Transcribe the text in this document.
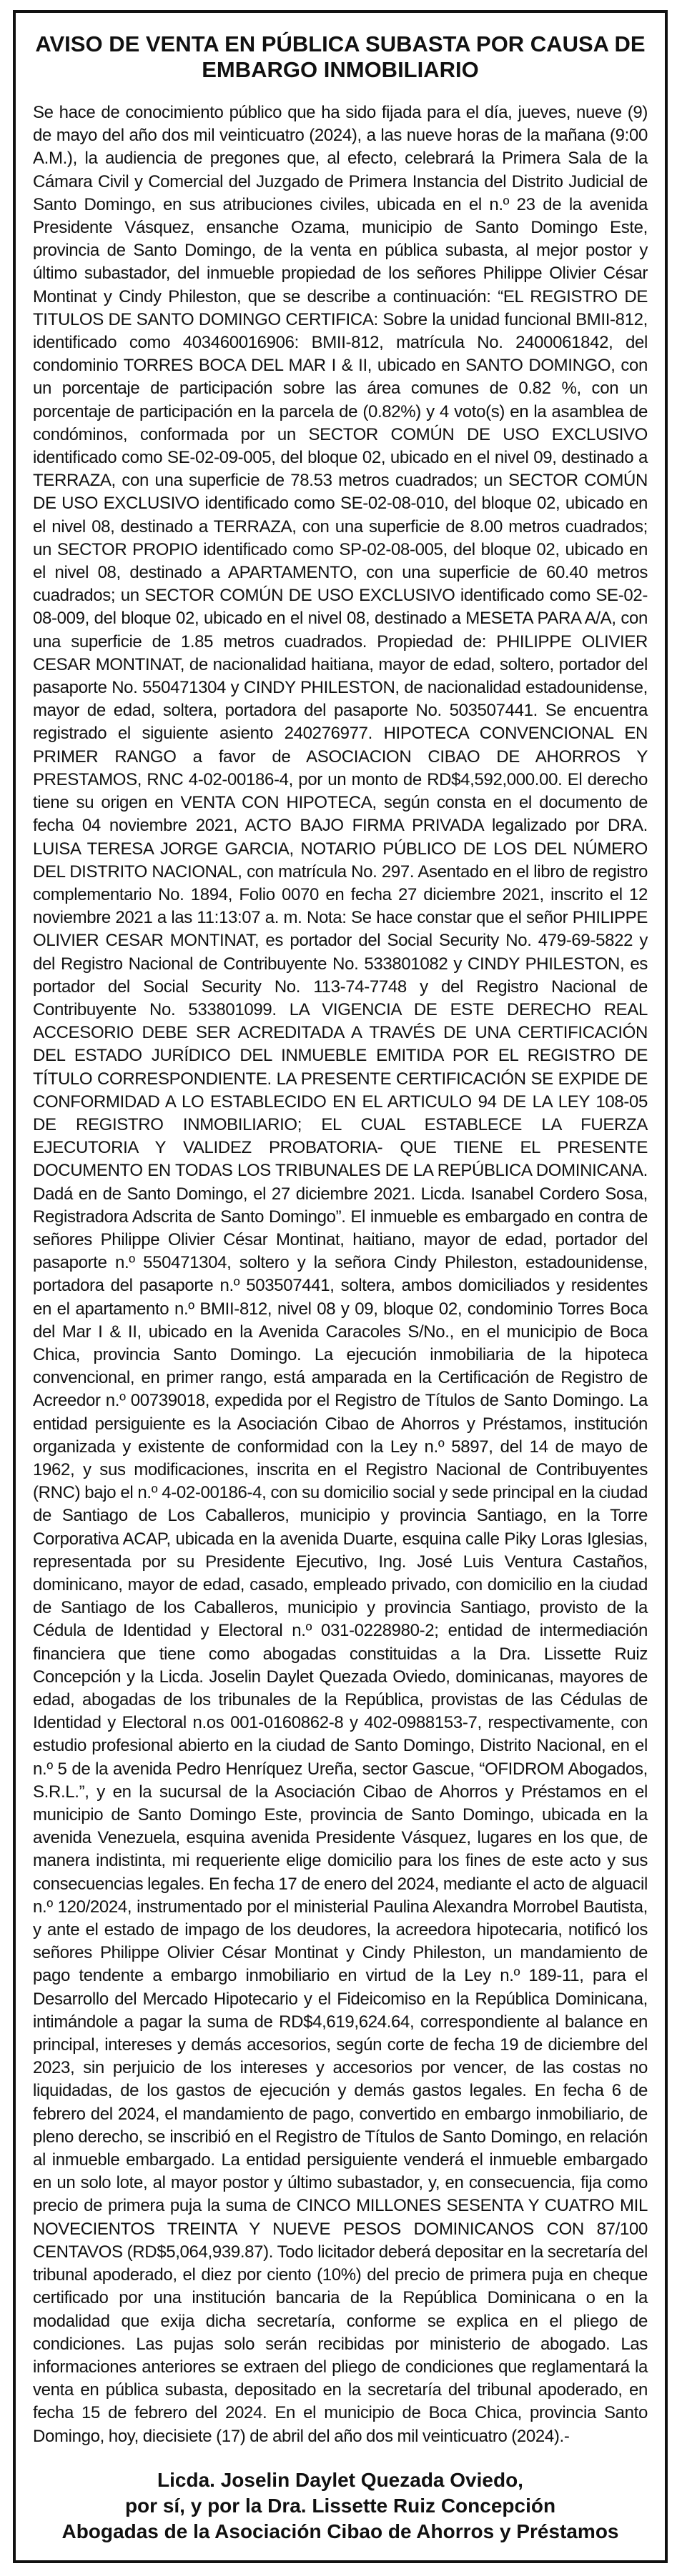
AVISO DE VENTA EN PÚBLICA SUBASTA POR CAUSA DE
EMBARGO INMOBILIARIO

Se hace de conocimiento público que ha sido fijada para el día, jueves, nueve (9) de mayo del año dos mil veinticuatro (2024), a las nueve horas de la mañana (9:00 A.M.), la audiencia de pregones que, al efecto, celebrará la Primera Sala de la Cámara Civil y Comercial del Juzgado de Primera Instancia del Distrito Judicial de Santo Domingo, en sus atribuciones civiles, ubicada en el n.º 23 de la avenida Presidente Vásquez, ensanche Ozama, municipio de Santo Domingo Este, provincia de Santo Domingo, de la venta en pública subasta, al mejor postor y último subastador, del inmueble propiedad de los señores Philippe Olivier César Montinat y Cindy Phileston, que se describe a continuación: “EL REGISTRO DE TITULOS DE SANTO DOMINGO CERTIFICA: Sobre la unidad funcional BMII-812, identificado como 403460016906: BMII-812, matrícula No. 2400061842, del condominio TORRES BOCA DEL MAR I & II, ubicado en SANTO DOMINGO, con un porcentaje de participación sobre las área comunes de 0.82 %, con un porcentaje de participación en la parcela de (0.82%) y 4 voto(s) en la asamblea de condóminos, conformada por un SECTOR COMÚN DE USO EXCLUSIVO identificado como SE-02-09-005, del bloque 02, ubicado en el nivel 09, destinado a TERRAZA, con una superficie de 78.53 metros cuadrados; un SECTOR COMÚN DE USO EXCLUSIVO identificado como SE-02-08-010, del bloque 02, ubicado en el nivel 08, destinado a TERRAZA, con una superficie de 8.00 metros cuadrados; un SECTOR PROPIO identificado como SP-02-08-005, del bloque 02, ubicado en el nivel 08, destinado a APARTAMENTO, con una superficie de 60.40 metros cuadrados; un SECTOR COMÚN DE USO EXCLUSIVO identificado como SE-02-08-009, del bloque 02, ubicado en el nivel 08, destinado a MESETA PARA A/A, con una superficie de 1.85 metros cuadrados. Propiedad de: PHILIPPE OLIVIER CESAR MONTINAT, de nacionalidad haitiana, mayor de edad, soltero, portador del pasaporte No. 550471304 y CINDY PHILESTON, de nacionalidad estadounidense, mayor de edad, soltera, portadora del pasaporte No. 503507441. Se encuentra registrado el siguiente asiento 240276977. HIPOTECA CONVENCIONAL EN PRIMER RANGO a favor de ASOCIACION CIBAO DE AHORROS Y PRESTAMOS, RNC 4-02-00186-4, por un monto de RD$4,592,000.00. El derecho tiene su origen en VENTA CON HIPOTECA, según consta en el documento de fecha 04 noviembre 2021, ACTO BAJO FIRMA PRIVADA legalizado por DRA. LUISA TERESA JORGE GARCIA, NOTARIO PÚBLICO DE LOS DEL NÚMERO DEL DISTRITO NACIONAL, con matrícula No. 297. Asentado en el libro de registro complementario No. 1894, Folio 0070 en fecha 27 diciembre 2021, inscrito el 12 noviembre 2021 a las 11:13:07 a. m. Nota: Se hace constar que el señor PHILIPPE OLIVIER CESAR MONTINAT, es portador del Social Security No. 479-69-5822 y del Registro Nacional de Contribuyente No. 533801082 y CINDY PHILESTON, es portador del Social Security No. 113-74-7748 y del Registro Nacional de Contribuyente No. 533801099. LA VIGENCIA DE ESTE DERECHO REAL ACCESORIO DEBE SER ACREDITADA A TRAVÉS DE UNA CERTIFICACIÓN DEL ESTADO JURÍDICO DEL INMUEBLE EMITIDA POR EL REGISTRO DE TÍTULO CORRESPONDIENTE. LA PRESENTE CERTIFICACIÓN SE EXPIDE DE CONFORMIDAD A LO ESTABLECIDO EN EL ARTICULO 94 DE LA LEY 108-05 DE REGISTRO INMOBILIARIO; EL CUAL ESTABLECE LA FUERZA EJECUTORIA Y VALIDEZ PROBATORIA- QUE TIENE EL PRESENTE DOCUMENTO EN TODAS LOS TRIBUNALES DE LA REPÚBLICA DOMINICANA. Dadá en de Santo Domingo, el 27 diciembre 2021. Licda. Isanabel Cordero Sosa, Registradora Adscrita de Santo Domingo”. El inmueble es embargado en contra de señores Philippe Olivier César Montinat, haitiano, mayor de edad, portador del pasaporte n.º 550471304, soltero y la señora Cindy Phileston, estadounidense, portadora del pasaporte n.º 503507441, soltera, ambos domiciliados y residentes en el apartamento n.º BMII-812, nivel 08 y 09, bloque 02, condominio Torres Boca del Mar I & II, ubicado en la Avenida Caracoles S/No., en el municipio de Boca Chica, provincia Santo Domingo. La ejecución inmobiliaria de la hipoteca convencional, en primer rango, está amparada en la Certificación de Registro de Acreedor n.º 00739018, expedida por el Registro de Títulos de Santo Domingo. La entidad persiguiente es la Asociación Cibao de Ahorros y Préstamos, institución organizada y existente de conformidad con la Ley n.º 5897, del 14 de mayo de 1962, y sus modificaciones, inscrita en el Registro Nacional de Contribuyentes (RNC) bajo el n.º 4-02-00186-4, con su domicilio social y sede principal en la ciudad de Santiago de Los Caballeros, municipio y provincia Santiago, en la Torre Corporativa ACAP, ubicada en la avenida Duarte, esquina calle Piky Loras Iglesias, representada por su Presidente Ejecutivo, Ing. José Luis Ventura Castaños, dominicano, mayor de edad, casado, empleado privado, con domicilio en la ciudad de Santiago de los Caballeros, municipio y provincia Santiago, provisto de la Cédula de Identidad y Electoral n.º 031-0228980-2; entidad de intermediación financiera que tiene como abogadas constituidas a la Dra. Lissette Ruiz Concepción y la Licda. Joselin Daylet Quezada Oviedo, dominicanas, mayores de edad, abogadas de los tribunales de la República, provistas de las Cédulas de Identidad y Electoral n.os 001-0160862-8 y 402-0988153-7, respectivamente, con estudio profesional abierto en la ciudad de Santo Domingo, Distrito Nacional, en el n.º 5 de la avenida Pedro Henríquez Ureña, sector Gascue, “OFIDROM Abogados, S.R.L.”, y en la sucursal de la Asociación Cibao de Ahorros y Préstamos en el municipio de Santo Domingo Este, provincia de Santo Domingo, ubicada en la avenida Venezuela, esquina avenida Presidente Vásquez, lugares en los que, de manera indistinta, mi requeriente elige domicilio para los fines de este acto y sus consecuencias legales. En fecha 17 de enero del 2024, mediante el acto de alguacil n.º 120/2024, instrumentado por el ministerial Paulina Alexandra Morrobel Bautista, y ante el estado de impago de los deudores, la acreedora hipotecaria, notificó los señores Philippe Olivier César Montinat y Cindy Phileston, un mandamiento de pago tendente a embargo inmobiliario en virtud de la Ley n.º 189-11, para el Desarrollo del Mercado Hipotecario y el Fideicomiso en la República Dominicana, intimándole a pagar la suma de RD$4,619,624.64, correspondiente al balance en principal, intereses y demás accesorios, según corte de fecha 19 de diciembre del 2023, sin perjuicio de los intereses y accesorios por vencer, de las costas no liquidadas, de los gastos de ejecución y demás gastos legales. En fecha 6 de febrero del 2024, el mandamiento de pago, convertido en embargo inmobiliario, de pleno derecho, se inscribió en el Registro de Títulos de Santo Domingo, en relación al inmueble embargado. La entidad persiguiente venderá el inmueble embargado en un solo lote, al mayor postor y último subastador, y, en consecuencia, fija como precio de primera puja la suma de CINCO MILLONES SESENTA Y CUATRO MIL NOVECIENTOS TREINTA Y NUEVE PESOS DOMINICANOS CON 87/100 CENTAVOS (RD$5,064,939.87). Todo licitador deberá depositar en la secretaría del tribunal apoderado, el diez por ciento (10%) del precio de primera puja en cheque certificado por una institución bancaria de la República Dominicana o en la modalidad que exija dicha secretaría, conforme se explica en el pliego de condiciones. Las pujas solo serán recibidas por ministerio de abogado. Las informaciones anteriores se extraen del pliego de condiciones que reglamentará la venta en pública subasta, depositado en la secretaría del tribunal apoderado, en fecha 15 de febrero del 2024. En el municipio de Boca Chica, provincia Santo Domingo, hoy, diecisiete (17) de abril del año dos mil veinticuatro (2024).-

Licda. Joselin Daylet Quezada Oviedo,
por sí, y por la Dra. Lissette Ruiz Concepción
Abogadas de la Asociación Cibao de Ahorros y Préstamos
